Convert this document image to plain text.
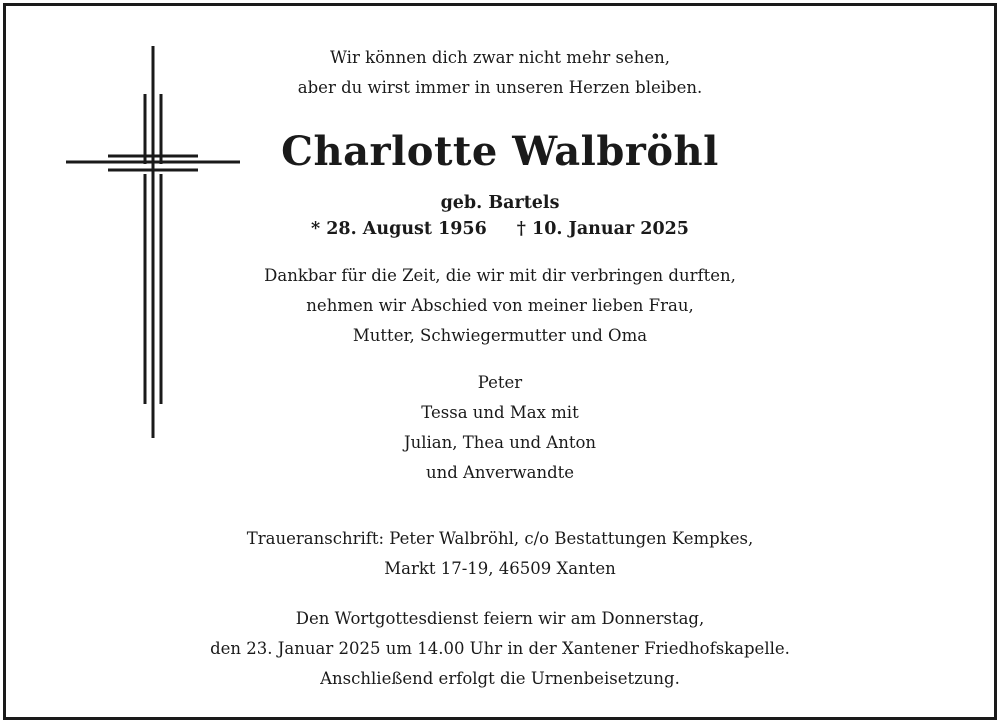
Wir können dich zwar nicht mehr sehen,
aber du wirst immer in unseren Herzen bleiben.
Charlotte Walbröhl
geb. Bartels
* 28. August 1956 † 10. Januar 2025
Dankbar für die Zeit, die wir mit dir verbringen durften,
nehmen wir Abschied von meiner lieben Frau,
Mutter, Schwiegermutter und Oma
Peter
Tessa und Max mit
Julian, Thea und Anton
und Anverwandte
Traueranschrift: Peter Walbröhl, c/o Bestattungen Kempkes,
Markt 17-19, 46509 Xanten
Den Wortgottesdienst feiern wir am Donnerstag,
den 23. Januar 2025 um 14.00 Uhr in der Xantener Friedhofskapelle.
Anschließend erfolgt die Urnenbeisetzung.
